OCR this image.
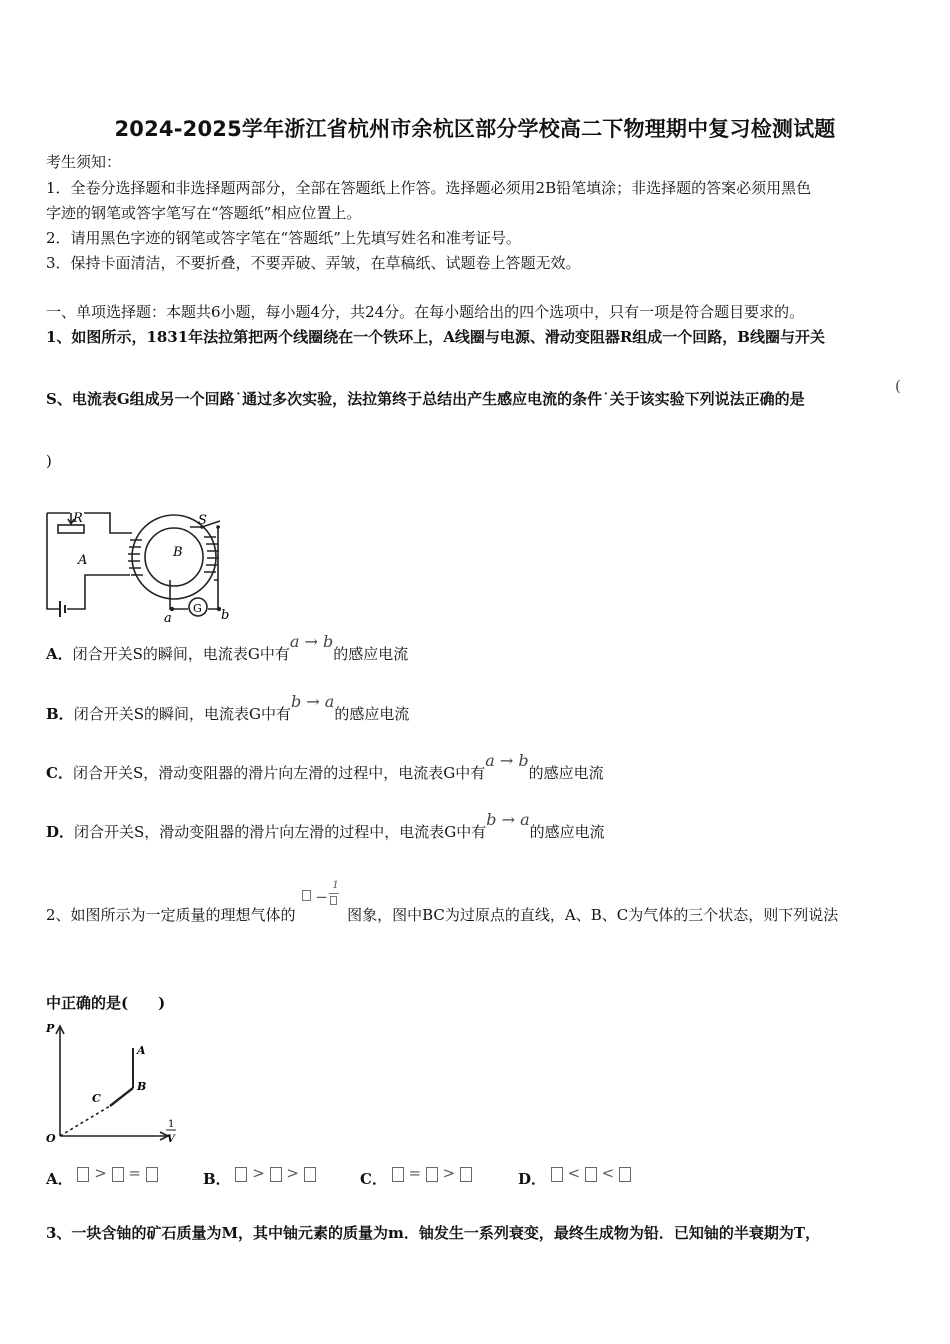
2024-2025学年浙江省杭州市余杭区部分学校高二下物理期中复习检测试题
考生须知：
1．全卷分选择题和非选择题两部分，全部在答题纸上作答。选择题必须用2B铅笔填涂；非选择题的答案必须用黑色
字迹的钢笔或答字笔写在“答题纸”相应位置上。
2．请用黑色字迹的钢笔或答字笔在“答题纸”上先填写姓名和准考证号。
3．保持卡面清洁，不要折叠，不要弄破、弄皱，在草稿纸、试题卷上答题无效。
一、单项选择题：本题共6小题，每小题4分，共24分。在每小题给出的四个选项中，只有一项是符合题目要求的。
1、如图所示，1831年法拉第把两个线圈绕在一个铁环上，A线圈与电源、滑动变阻器R组成一个回路，B线圈与开关
S、电流表G组成另一个回路˙通过多次实验，法拉第终于总结出产生感应电流的条件˙关于该实验下列说法正确的是
(
)
R	S
A
B
G
a	b
A．闭合开关S的瞬间，电流表G中有a → b的感应电流
B．闭合开关S的瞬间，电流表G中有b → a的感应电流
C．闭合开关S，滑动变阻器的滑片向左滑的过程中，电流表G中有a → b的感应电流
D．闭合开关S，滑动变阻器的滑片向左滑的过程中，电流表G中有b → a的感应电流
2、如图所示为一定质量的理想气体的
−
1
图象，图中BC为过原点的直线，A、B、C为气体的三个状态，则下列说法
中正确的是(　　)
P
O
A
B
C
1
V
A．  >  =	B．  >  >	C．  =  >	D．  <  <
3、一块含铀的矿石质量为M，其中铀元素的质量为m．铀发生一系列衰变，最终生成物为铅．已知铀的半衰期为T，
